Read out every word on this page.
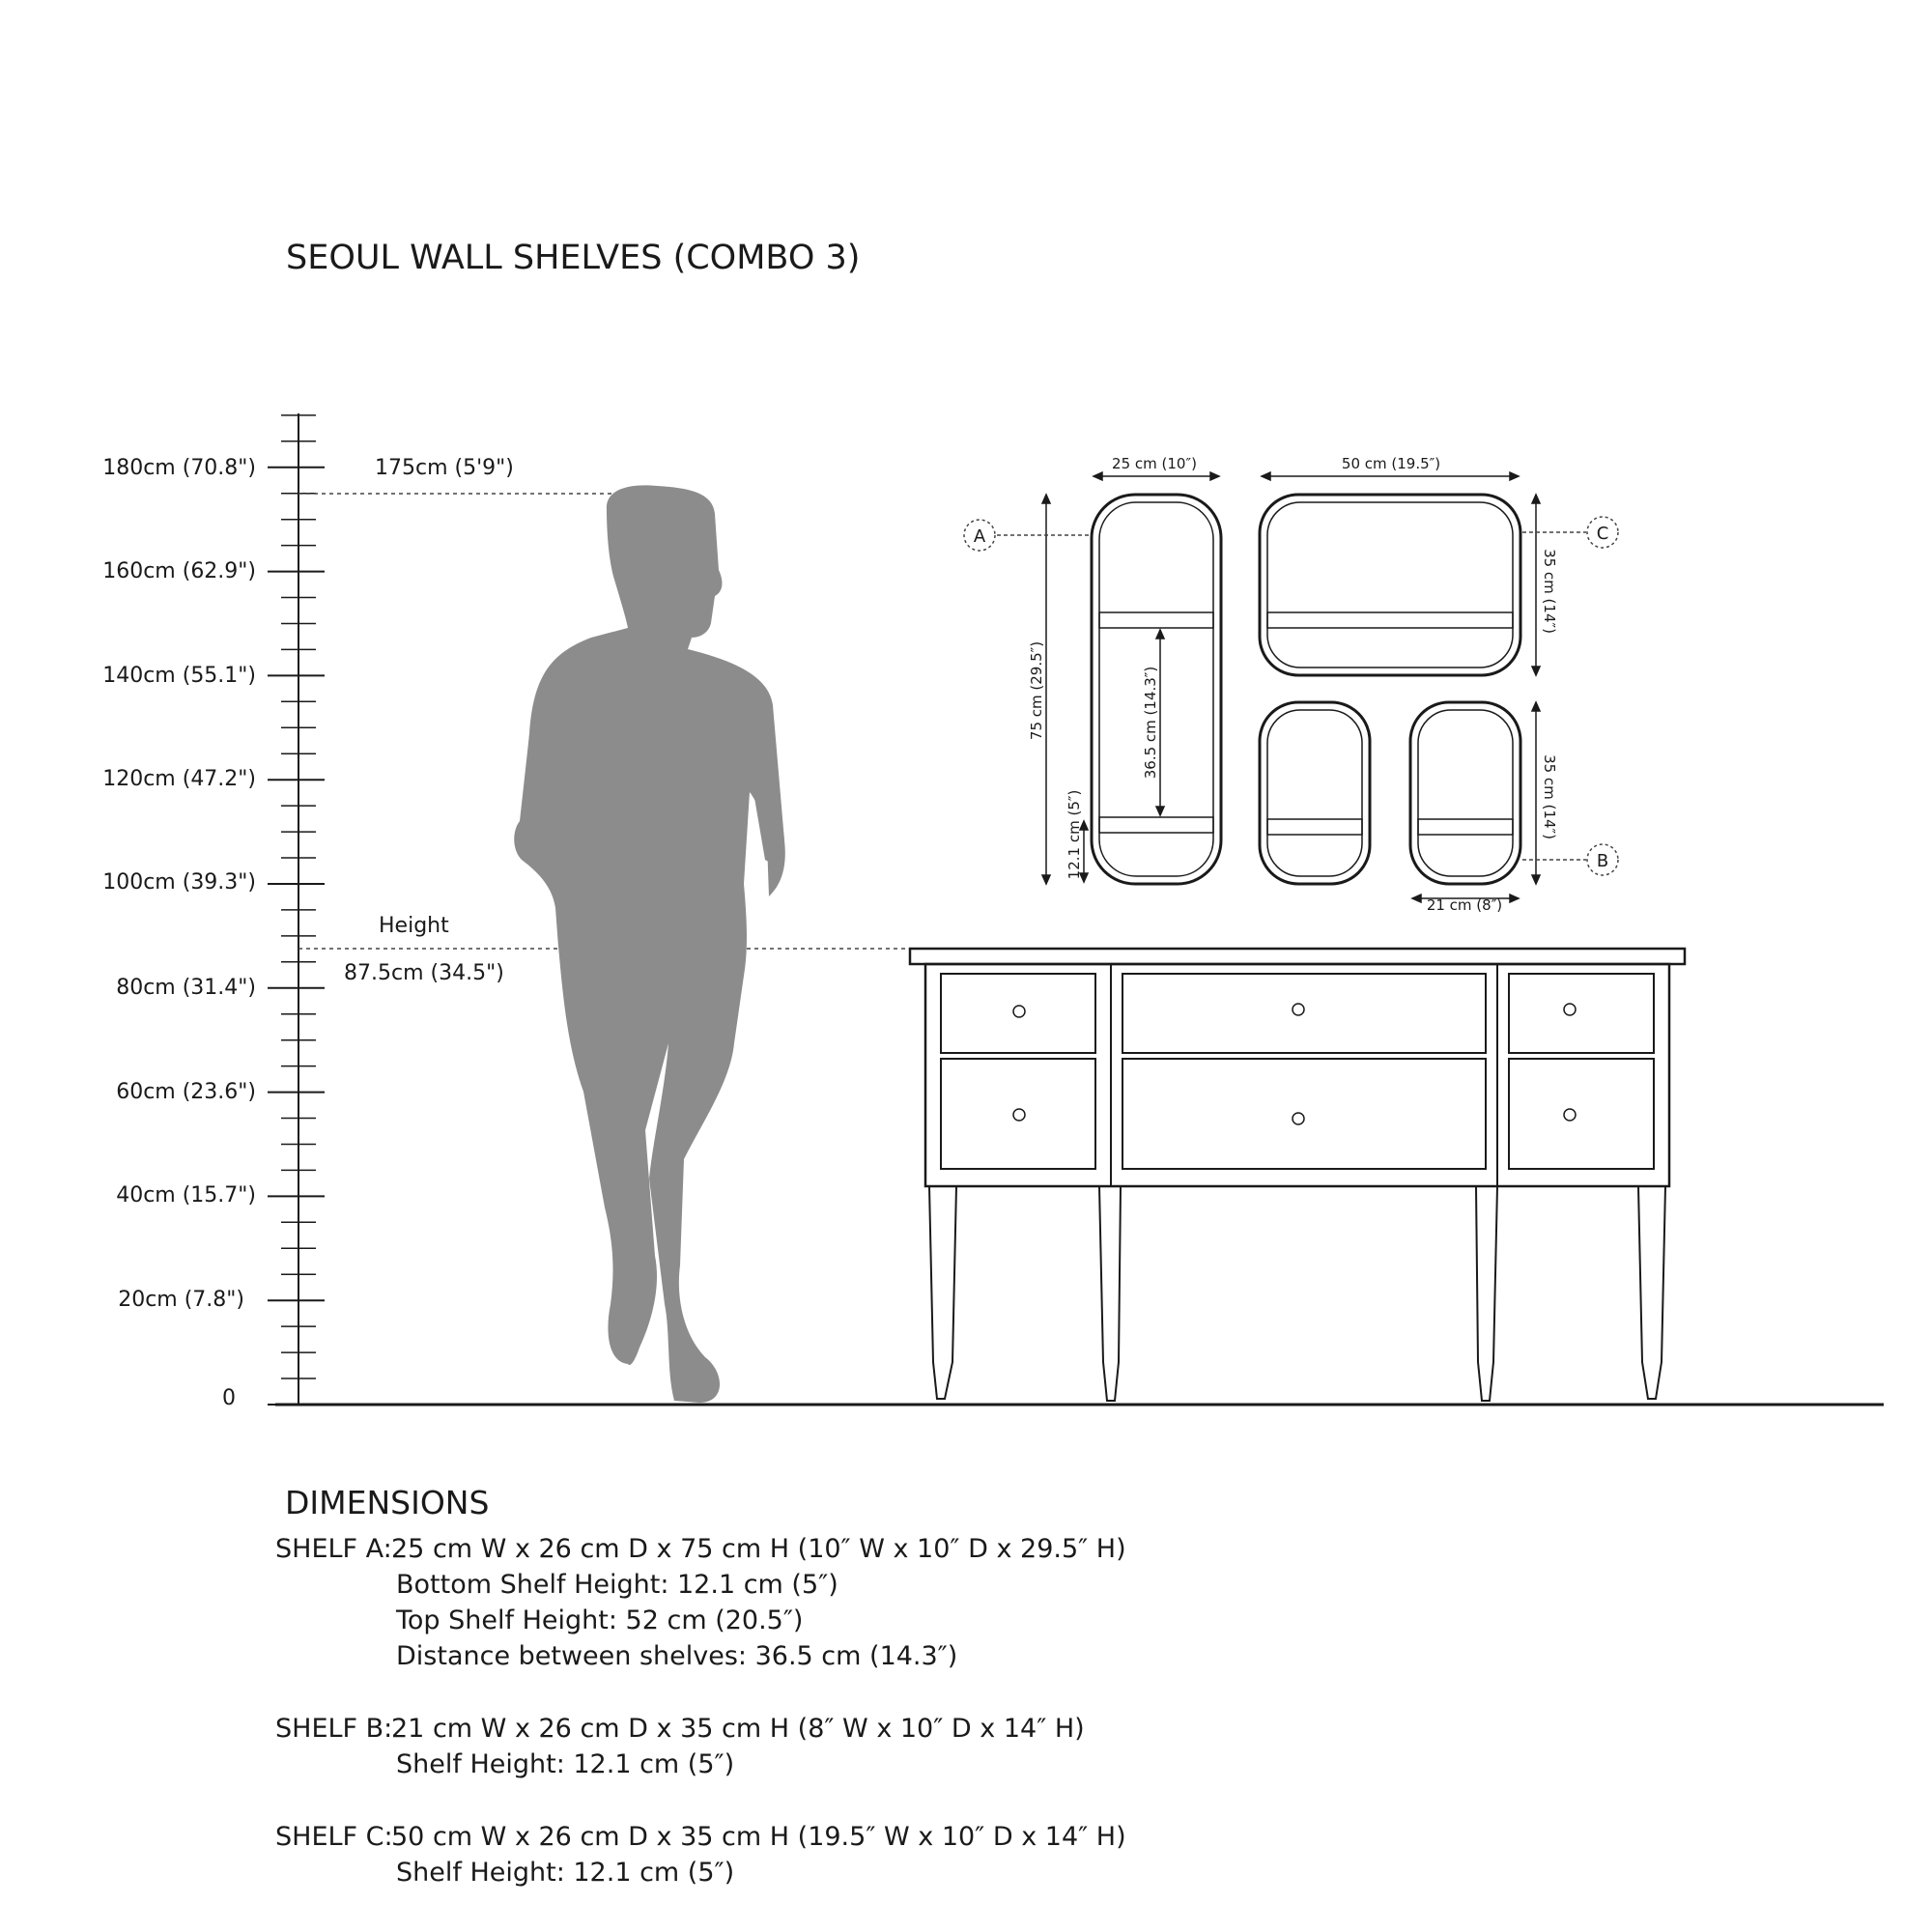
SEOUL WALL SHELVES (COMBO 3)
0
20cm (7.8")
40cm (15.7")
60cm (23.6")
80cm (31.4")
100cm (39.3")
120cm (47.2")
140cm (55.1")
160cm (62.9")
180cm (70.8")	175cm (5'9")
Height
87.5cm (34.5")
25 cm (10″)	50 cm (19.5″)
75 cm (29.5″)	36.5 cm (14.3″)
12.1 cm (5″)
35 cm (14″)
35 cm (14″)
21 cm (8″)
A	C
B
DIMENSIONS
SHELF A: 25 cm W x 26 cm D x 75 cm H (10″ W x 10″ D x 29.5″ H)
Bottom Shelf Height: 12.1 cm (5″)
Top Shelf Height: 52 cm (20.5″)
Distance between shelves: 36.5 cm (14.3″)
SHELF B:
21 cm W x 26 cm D x 35 cm H (8″ W x 10″ D x 14″ H)
Shelf Height: 12.1 cm (5″)
SHELF C:
50 cm W x 26 cm D x 35 cm H (19.5″ W x 10″ D x 14″ H)
Shelf Height: 12.1 cm (5″)
